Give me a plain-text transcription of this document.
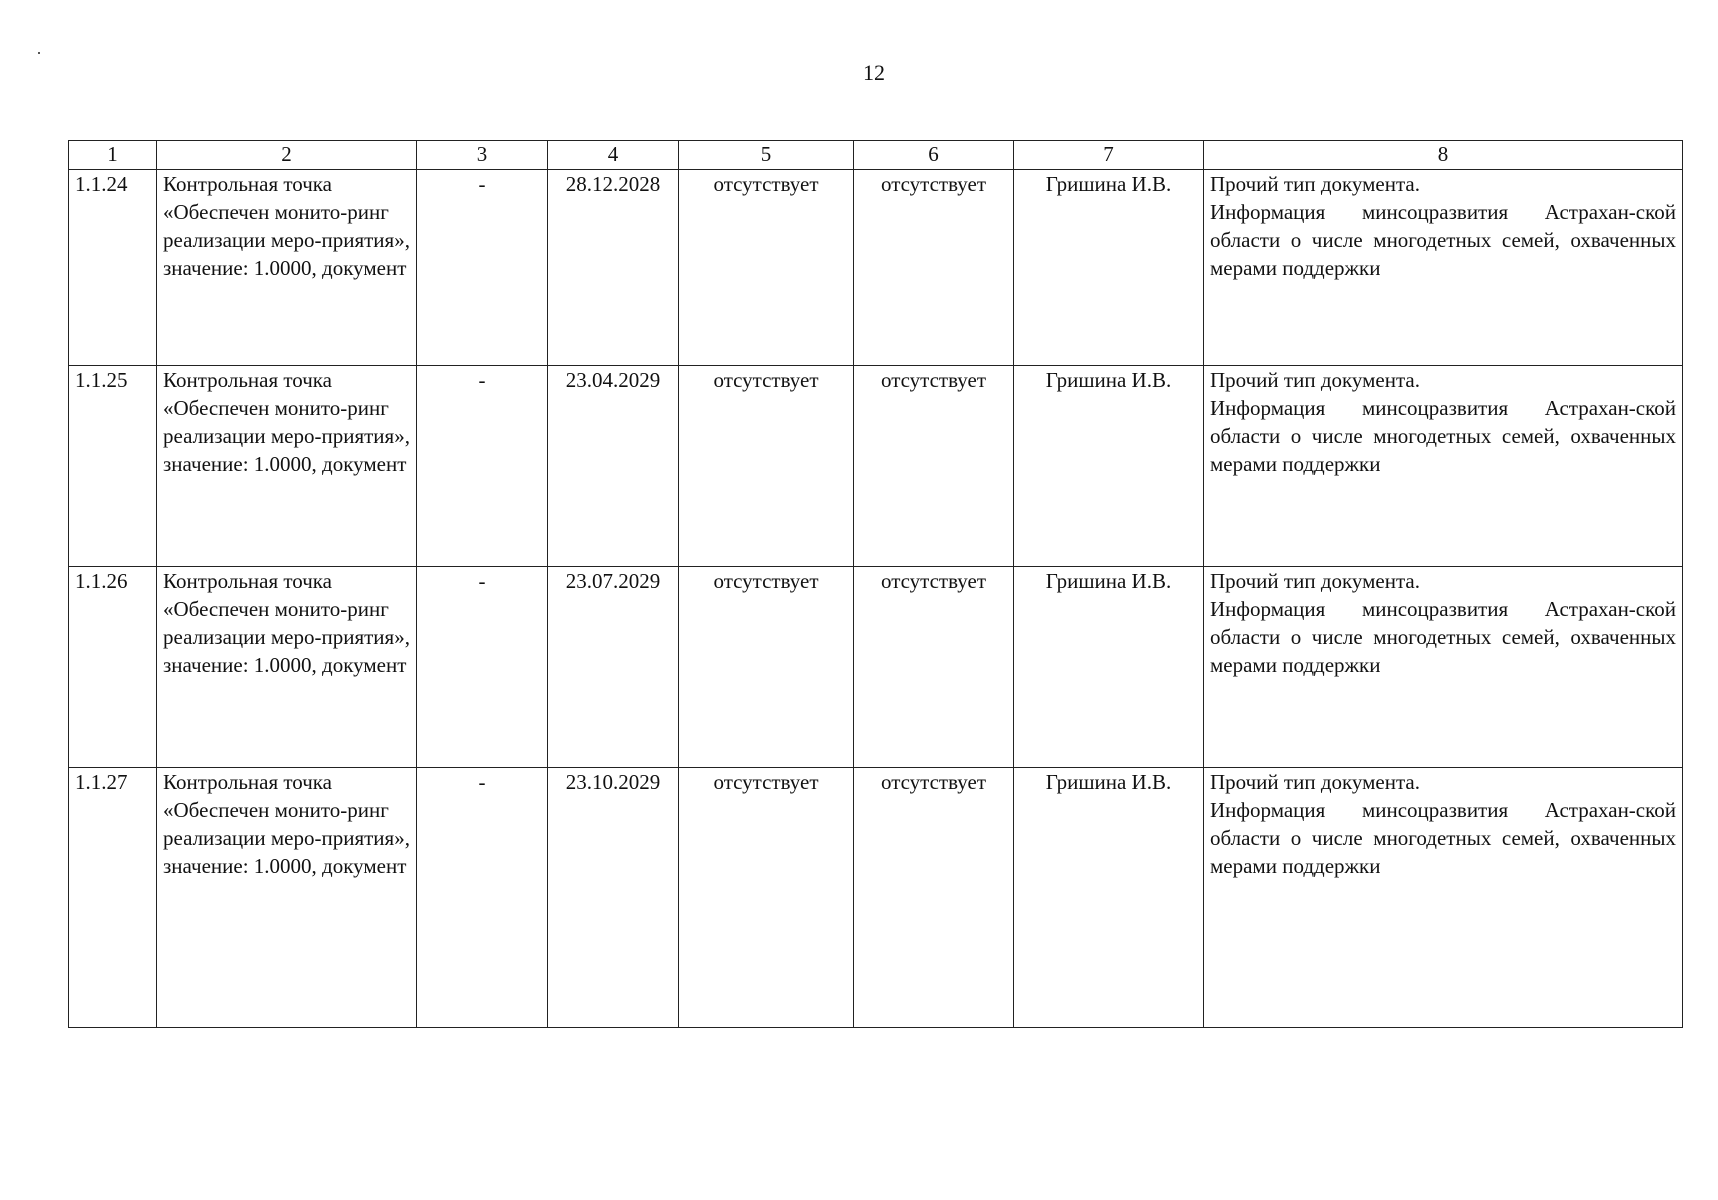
12
1	2	3	4	5	6	7	8
1.1.24	Контрольная точка «Обеспечен монито-ринг реализации меро-приятия», значение: 1.0000, документ	-	28.12.2028	отсутствует	отсутствует	Гришина И.В.	Прочий тип документа.
Информация минсоцразвития Астрахан-ской области о числе многодетных семей, охваченных мерами поддержки

1.1.25	Контрольная точка «Обеспечен монито-ринг реализации меро-приятия», значение: 1.0000, документ	-	23.04.2029	отсутствует	отсутствует	Гришина И.В.	Прочий тип документа.
Информация минсоцразвития Астрахан-ской области о числе многодетных семей, охваченных мерами поддержки

1.1.26	Контрольная точка «Обеспечен монито-ринг реализации меро-приятия», значение: 1.0000, документ	-	23.07.2029	отсутствует	отсутствует	Гришина И.В.	Прочий тип документа.
Информация минсоцразвития Астрахан-ской области о числе многодетных семей, охваченных мерами поддержки

1.1.27	Контрольная точка «Обеспечен монито-ринг реализации меро-приятия», значение: 1.0000, документ	-	23.10.2029	отсутствует	отсутствует	Гришина И.В.	Прочий тип документа.
Информация минсоцразвития Астрахан-ской области о числе многодетных семей, охваченных мерами поддержки
